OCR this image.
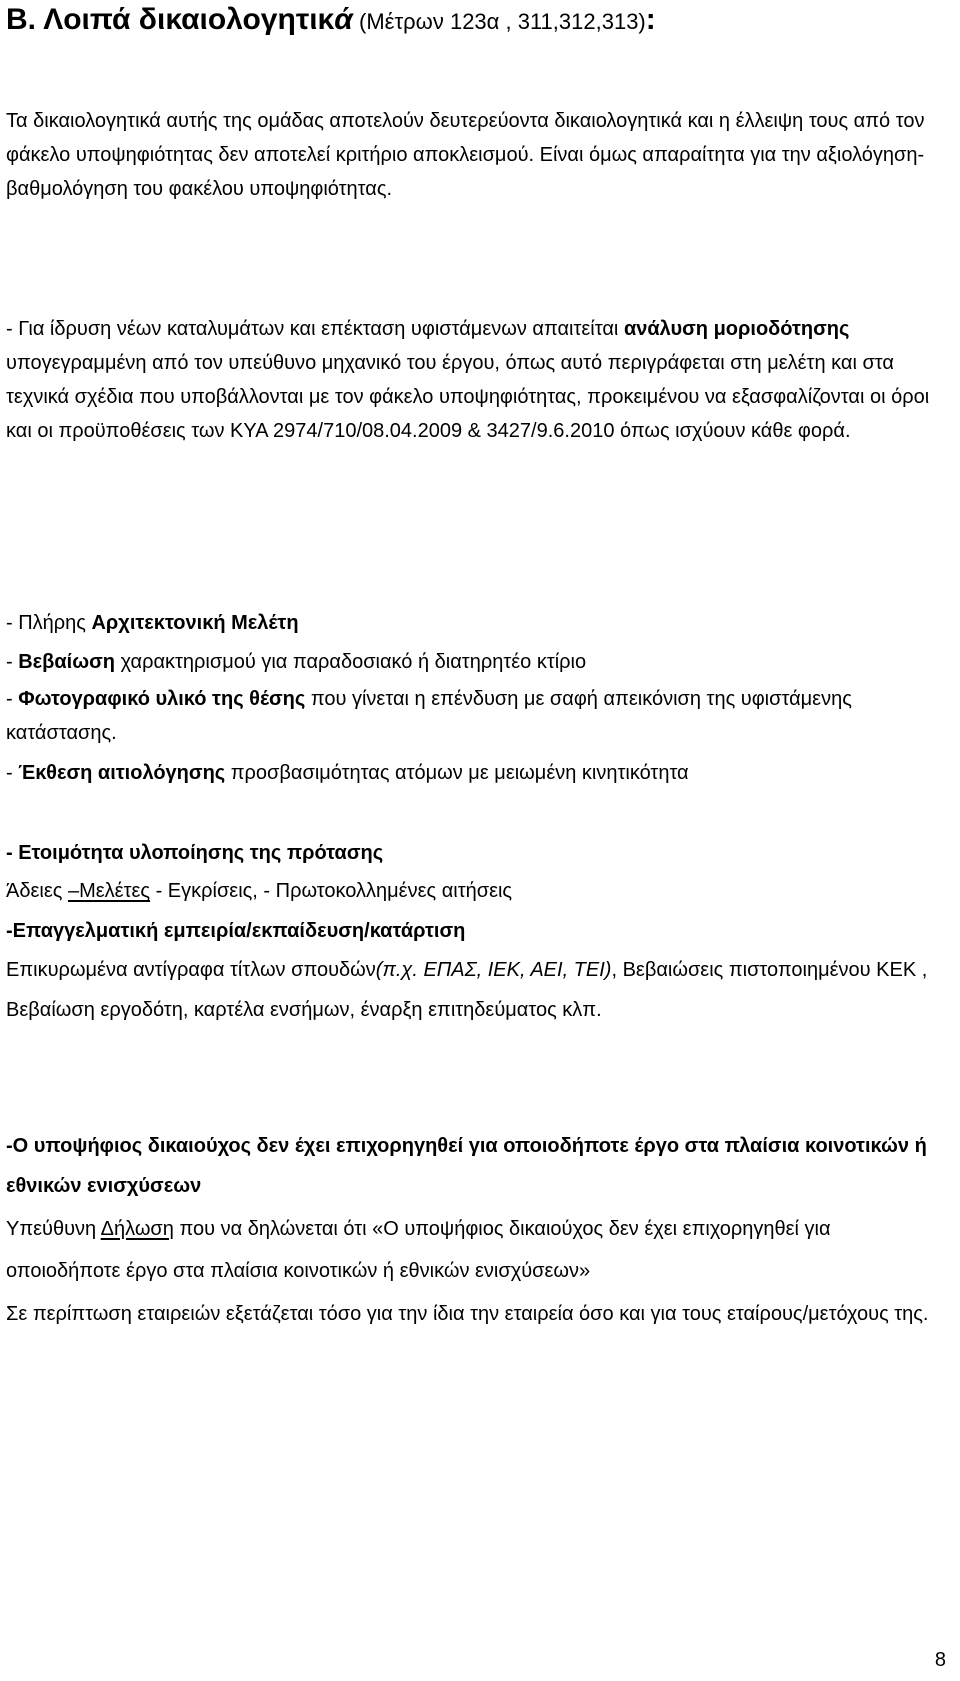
Β. Λοιπά δικαιολογητικά (Μέτρων 123α , 311,312,313):

Τα δικαιολογητικά αυτής της ομάδας αποτελούν δευτερεύοντα δικαιολογητικά και η έλλειψη τους από τον φάκελο υποψηφιότητας δεν αποτελεί κριτήριο αποκλεισμού. Είναι όμως απαραίτητα για την αξιολόγηση-βαθμολόγηση του φακέλου υποψηφιότητας.

- Για ίδρυση νέων καταλυμάτων και επέκταση υφιστάμενων απαιτείται ανάλυση μοριοδότησης υπογεγραμμένη από τον υπεύθυνο μηχανικό του έργου, όπως αυτό περιγράφεται στη μελέτη και στα τεχνικά σχέδια που υποβάλλονται με τον φάκελο υποψηφιότητας, προκειμένου να εξασφαλίζονται οι όροι και οι προϋποθέσεις των ΚΥΑ 2974/710/08.04.2009 & 3427/9.6.2010 όπως ισχύουν κάθε φορά.

- Πλήρης Αρχιτεκτονική Μελέτη

- Βεβαίωση χαρακτηρισμού για παραδοσιακό ή διατηρητέο κτίριο

- Φωτογραφικό υλικό της θέσης που γίνεται η επένδυση με σαφή απεικόνιση της υφιστάμενης κατάστασης.

- Έκθεση αιτιολόγησης προσβασιμότητας ατόμων με μειωμένη κινητικότητα

- Ετοιμότητα υλοποίησης της πρότασης

Άδειες –Μελέτες - Εγκρίσεις, - Πρωτοκολλημένες αιτήσεις

-Επαγγελματική εμπειρία/εκπαίδευση/κατάρτιση

Επικυρωμένα αντίγραφα τίτλων σπουδών(π.χ. ΕΠΑΣ, ΙΕΚ, ΑΕΙ, ΤΕΙ), Βεβαιώσεις πιστοποιημένου ΚΕΚ , Βεβαίωση εργοδότη, καρτέλα ενσήμων, έναρξη επιτηδεύματος κλπ.

-Ο υποψήφιος δικαιούχος δεν έχει επιχορηγηθεί για οποιοδήποτε έργο στα πλαίσια κοινοτικών ή εθνικών ενισχύσεων

Υπεύθυνη Δήλωση που να δηλώνεται ότι «Ο υποψήφιος δικαιούχος δεν έχει επιχορηγηθεί για οποιοδήποτε έργο στα πλαίσια κοινοτικών ή εθνικών ενισχύσεων»

Σε περίπτωση εταιρειών εξετάζεται τόσο για την ίδια την εταιρεία όσο και για τους εταίρους/μετόχους της.

8
